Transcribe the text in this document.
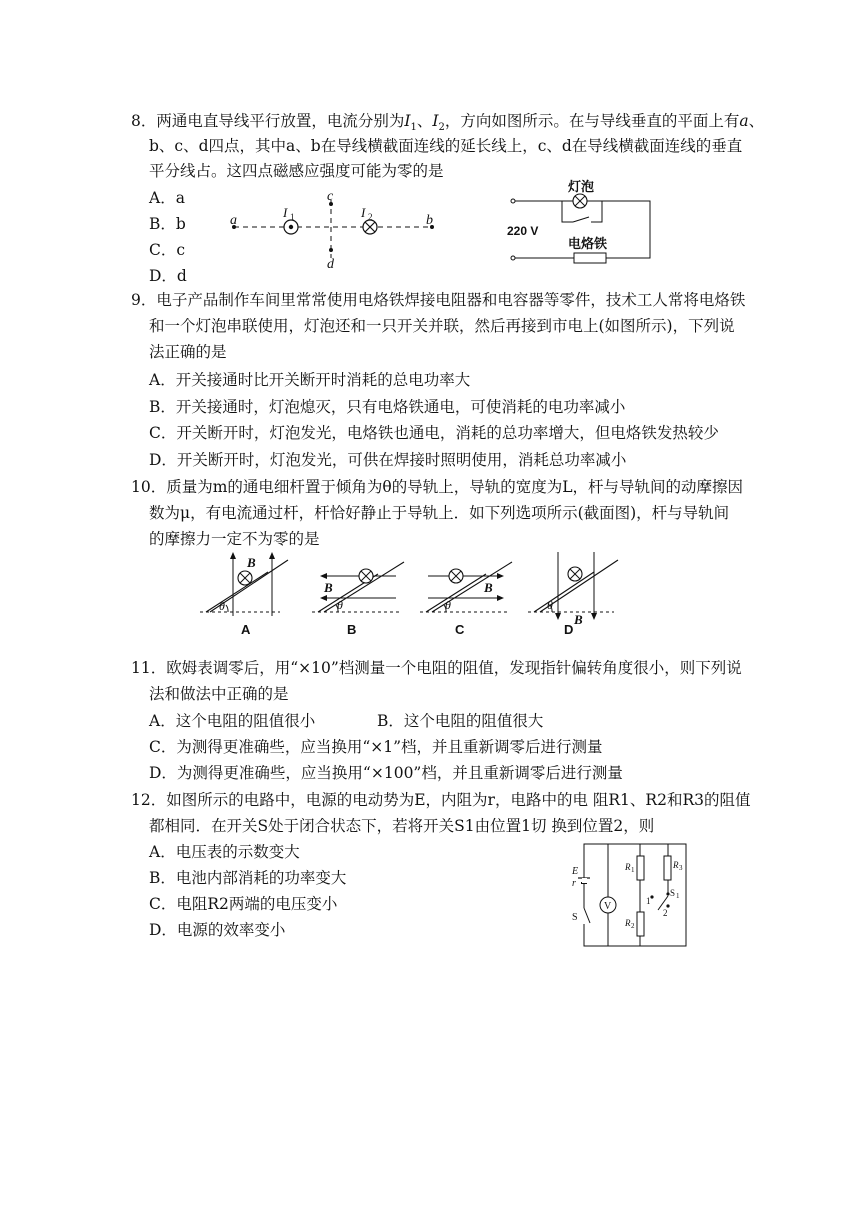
8．两通电直导线平行放置，电流分别为$I_1$、$I_2$，方向如图所示。在与导线垂直的平面上有a、
b、c、d四点，其中a、b在导线横截面连线的延长线上，c、d在导线横截面连线的垂直
平分线占。这四点磁感应强度可能为零的是
A．a
B．b
C．c
D．d
a	b
c
d
I 1	I 2
灯泡
220 V
电烙铁
9．电子产品制作车间里常常使用电烙铁焊接电阻器和电容器等零件，技术工人常将电烙铁
和一个灯泡串联使用，灯泡还和一只开关并联，然后再接到市电上(如图所示)，下列说
法正确的是
A．开关接通时比开关断开时消耗的总电功率大
B．开关接通时，灯泡熄灭，只有电烙铁通电，可使消耗的电功率减小
C．开关断开时，灯泡发光，电烙铁也通电，消耗的总功率增大，但电烙铁发热较少
D．开关断开时，灯泡发光，可供在焊接时照明使用，消耗总功率减小
10．质量为m的通电细杆置于倾角为θ的导轨上，导轨的宽度为L，杆与导轨间的动摩擦因
数为μ，有电流通过杆，杆恰好静止于导轨上．如下列选项所示(截面图)，杆与导轨间
的摩擦力一定不为零的是
B
θ
A
B
θ
B
B
θ
C
B
θ
D
11．欧姆表调零后，用“×10”档测量一个电阻的阻值，发现指针偏转角度很小，则下列说
法和做法中正确的是
A．这个电阻的阻值很小	B．这个电阻的阻值很大
C．为测得更准确些，应当换用“×1”档，并且重新调零后进行测量
D．为测得更准确些，应当换用“×100”档，并且重新调零后进行测量
12．如图所示的电路中，电源的电动势为E，内阻为r，电路中的电 阻R1、R2和R3的阻值
都相同．在开关S处于闭合状态下，若将开关S1由位置1切 换到位置2，则
A．电压表的示数变大
B．电池内部消耗的功率变大
C．电阻R2两端的电压变小
D．电源的效率变小
E
r
S
V
R 1
R 2
R 3
S 1
1
2
